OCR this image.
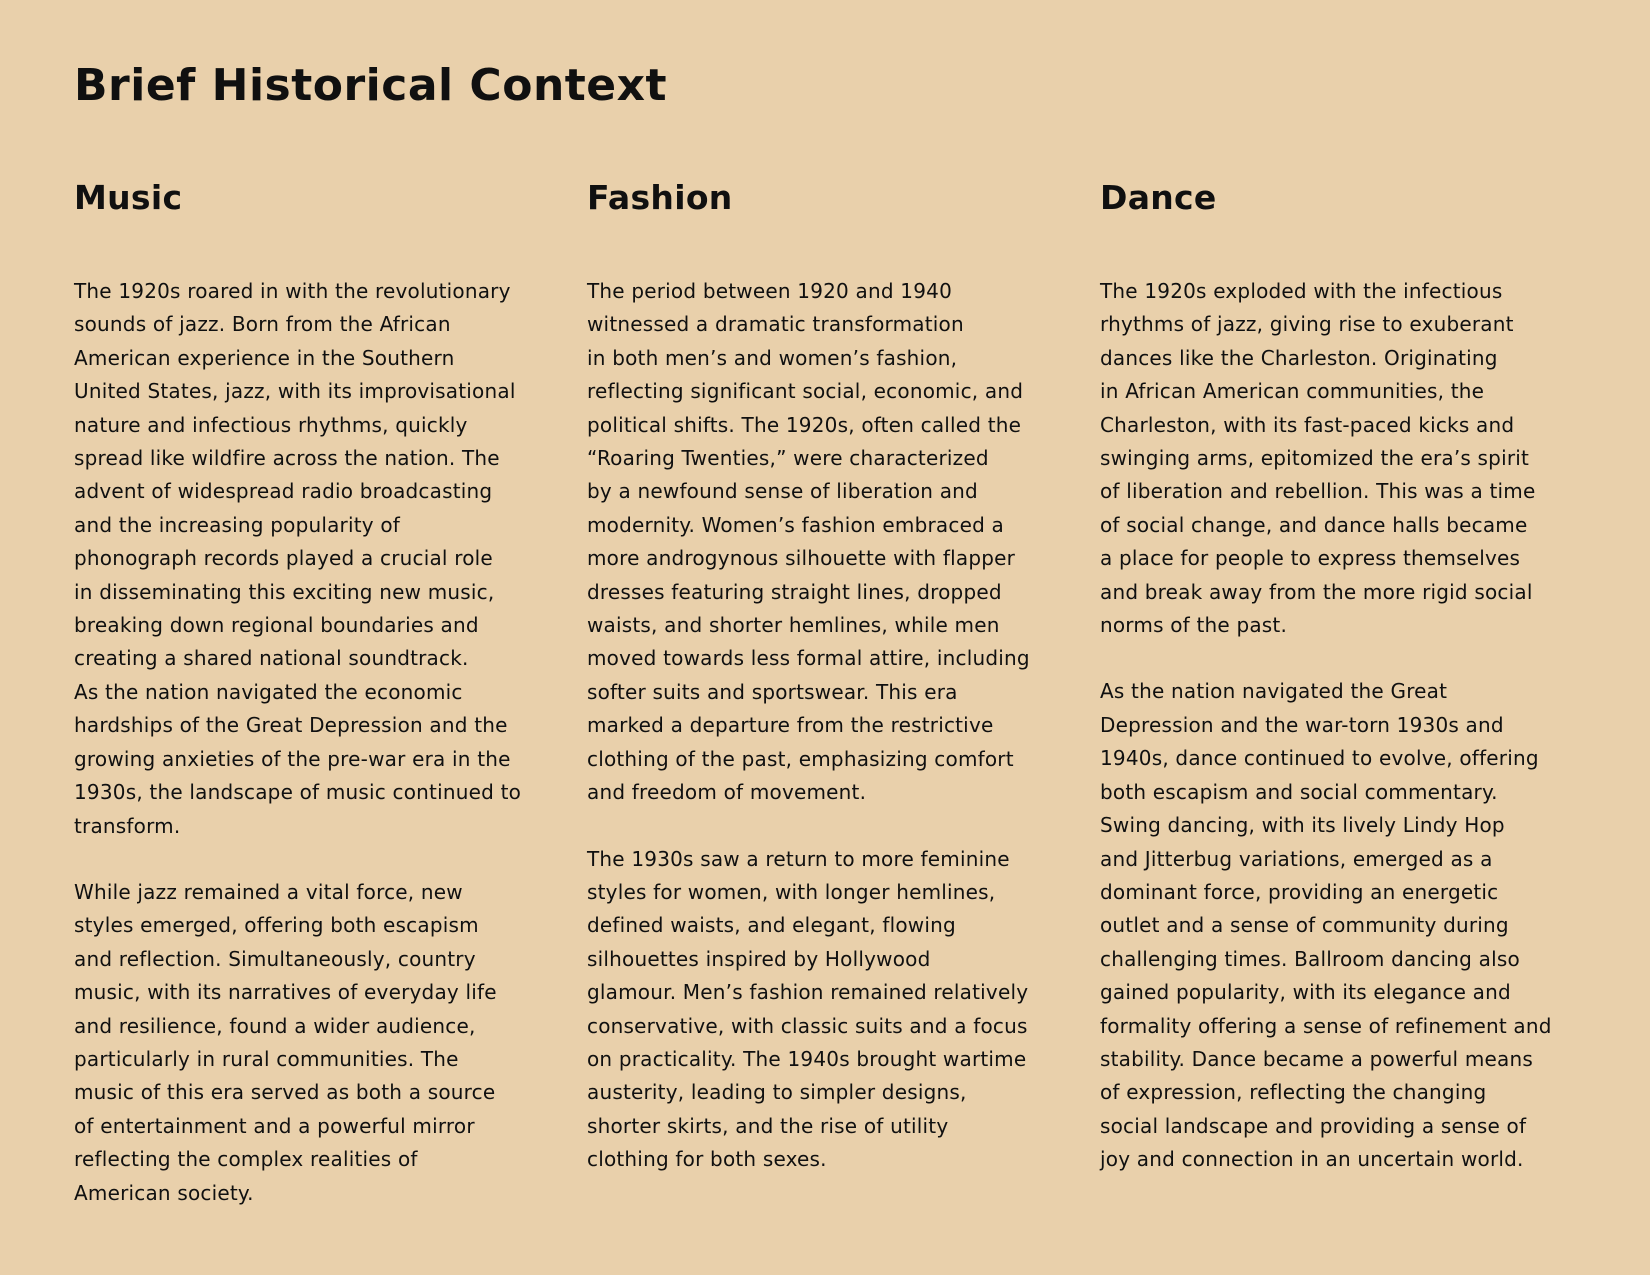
Brief Historical Context
Music

The 1920s roared in with the revolutionary
sounds of jazz. Born from the African
American experience in the Southern
United States, jazz, with its improvisational
nature and infectious rhythms, quickly
spread like wildfire across the nation. The
advent of widespread radio broadcasting
and the increasing popularity of
phonograph records played a crucial role
in disseminating this exciting new music,
breaking down regional boundaries and
creating a shared national soundtrack.

As the nation navigated the economic
hardships of the Great Depression and the
growing anxieties of the pre-war era in the
1930s, the landscape of music continued to
transform.

While jazz remained a vital force, new
styles emerged, offering both escapism
and reflection. Simultaneously, country
music, with its narratives of everyday life
and resilience, found a wider audience,
particularly in rural communities. The
music of this era served as both a source
of entertainment and a powerful mirror
reflecting the complex realities of
American society.

Fashion

The period between 1920 and 1940
witnessed a dramatic transformation
in both men’s and women’s fashion,
reflecting significant social, economic, and
political shifts. The 1920s, often called the
“Roaring Twenties,” were characterized
by a newfound sense of liberation and
modernity. Women’s fashion embraced a
more androgynous silhouette with flapper
dresses featuring straight lines, dropped
waists, and shorter hemlines, while men
moved towards less formal attire, including
softer suits and sportswear. This era
marked a departure from the restrictive
clothing of the past, emphasizing comfort
and freedom of movement.

The 1930s saw a return to more feminine
styles for women, with longer hemlines,
defined waists, and elegant, flowing
silhouettes inspired by Hollywood
glamour. Men’s fashion remained relatively
conservative, with classic suits and a focus
on practicality. The 1940s brought wartime
austerity, leading to simpler designs,
shorter skirts, and the rise of utility
clothing for both sexes.

Dance

The 1920s exploded with the infectious
rhythms of jazz, giving rise to exuberant
dances like the Charleston. Originating
in African American communities, the
Charleston, with its fast-paced kicks and
swinging arms, epitomized the era’s spirit
of liberation and rebellion. This was a time
of social change, and dance halls became
a place for people to express themselves
and break away from the more rigid social
norms of the past.

As the nation navigated the Great
Depression and the war-torn 1930s and
1940s, dance continued to evolve, offering
both escapism and social commentary.
Swing dancing, with its lively Lindy Hop
and Jitterbug variations, emerged as a
dominant force, providing an energetic
outlet and a sense of community during
challenging times. Ballroom dancing also
gained popularity, with its elegance and
formality offering a sense of refinement and
stability. Dance became a powerful means
of expression, reflecting the changing
social landscape and providing a sense of
joy and connection in an uncertain world.
